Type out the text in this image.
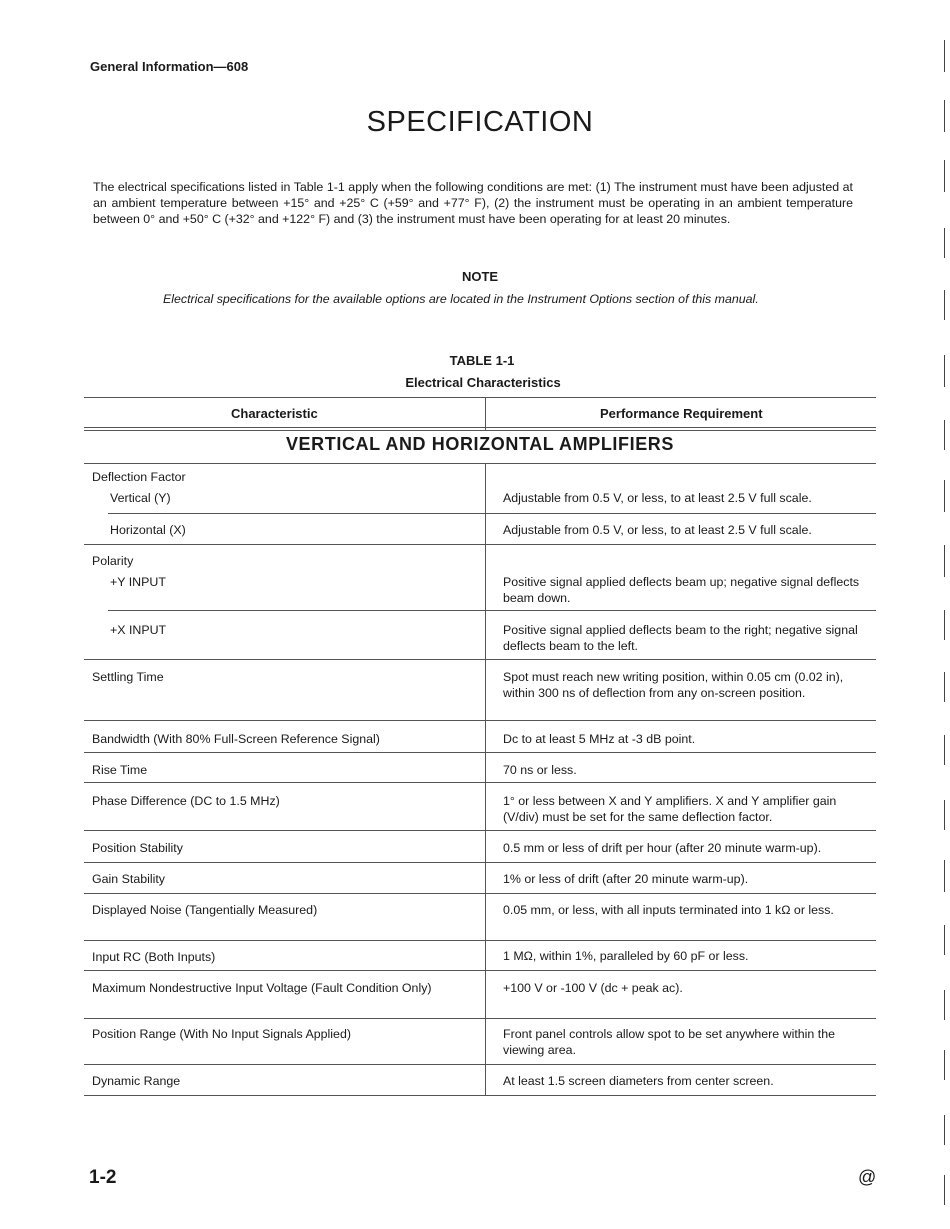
General Information—608
SPECIFICATION
The electrical specifications listed in Table 1-1 apply when the following conditions are met: (1) The instrument must have been adjusted at an ambient temperature between +15° and +25° C (+59° and +77° F), (2) the instrument must be operating in an ambient temperature between 0° and +50° C (+32° and +122° F) and (3) the instrument must have been operating for at least 20 minutes.
NOTE
Electrical specifications for the available options are located in the Instrument Options section of this manual.
TABLE 1-1
Electrical Characteristics
Characteristic	Performance Requirement
VERTICAL AND HORIZONTAL AMPLIFIERS
Deflection Factor
Vertical (Y)	Adjustable from 0.5 V, or less, to at least 2.5 V full scale.
Horizontal (X)	Adjustable from 0.5 V, or less, to at least 2.5 V full scale.
Polarity
+Y INPUT	Positive signal applied deflects beam up; negative signal deflects beam down.
+X INPUT	Positive signal applied deflects beam to the right; negative signal deflects beam to the left.
Settling Time	Spot must reach new writing position, within 0.05 cm (0.02 in), within 300 ns of deflection from any on-screen position.
Bandwidth (With 80% Full-Screen Reference Signal)	Dc to at least 5 MHz at -3 dB point.
Rise Time	70 ns or less.
Phase Difference (DC to 1.5 MHz)	1° or less between X and Y amplifiers. X and Y amplifier gain (V/div) must be set for the same deflection factor.
Position Stability	0.5 mm or less of drift per hour (after 20 minute warm-up).
Gain Stability	1% or less of drift (after 20 minute warm-up).
Displayed Noise (Tangentially Measured)	0.05 mm, or less, with all inputs terminated into 1 kΩ or less.
Input RC (Both Inputs)	1 MΩ, within 1%, paralleled by 60 pF or less.
Maximum Nondestructive Input Voltage (Fault Condition Only)	+100 V or -100 V (dc + peak ac).
Position Range (With No Input Signals Applied)	Front panel controls allow spot to be set anywhere within the viewing area.
Dynamic Range	At least 1.5 screen diameters from center screen.
1-2	@
